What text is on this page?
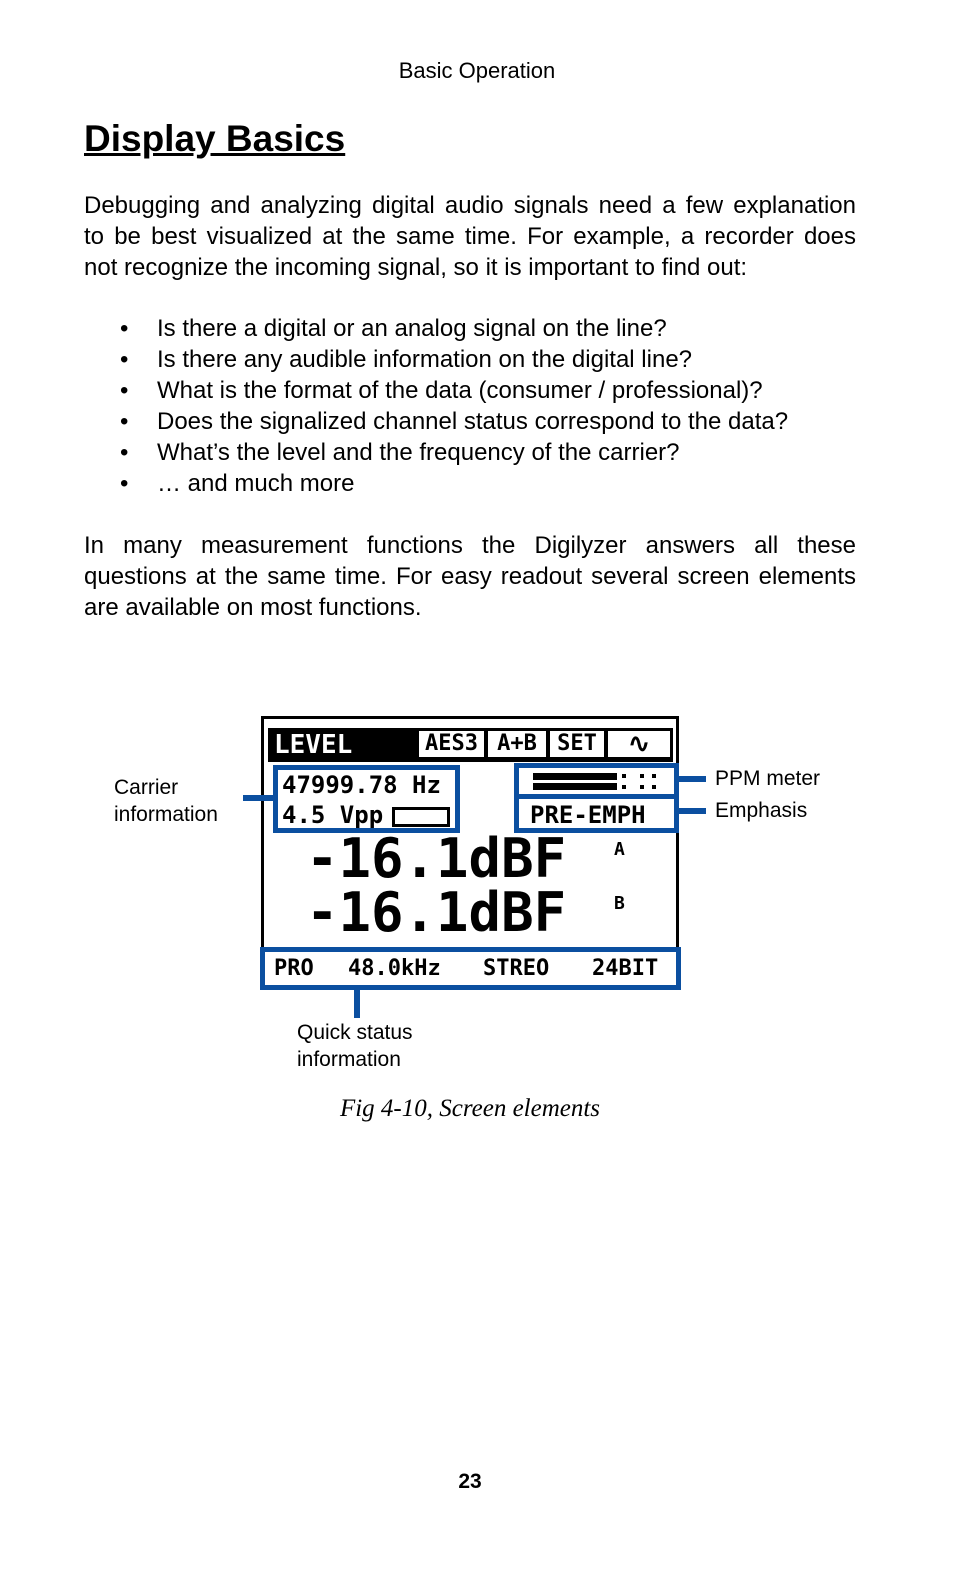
Basic Operation
Display Basics
Debugging and analyzing digital audio signals need a few explanation
to be best visualized at the same time. For example, a recorder does
not recognize the incoming signal, so it is important to find out:
• Is there a digital or an analog signal on the line?
• Is there any audible information on the digital line?
• What is the format of the data (consumer / professional)?
• Does the signalized channel status correspond to the data?
• What’s the level and the frequency of the carrier?
• … and much more
In many measurement functions the Digilyzer answers all these
questions at the same time. For easy readout several screen elements
are available on most functions.
LEVEL	AES3 A+B SET	∿
47999.78 Hz
4.5 Vpp	PRE-EMPH
-16.1dBF	A
-16.1dBF	B
PRO 48.0kHz STREO 24BIT
Carrier
information
PPM meter
Emphasis
Quick status
information
Fig 4-10, Screen elements
23
